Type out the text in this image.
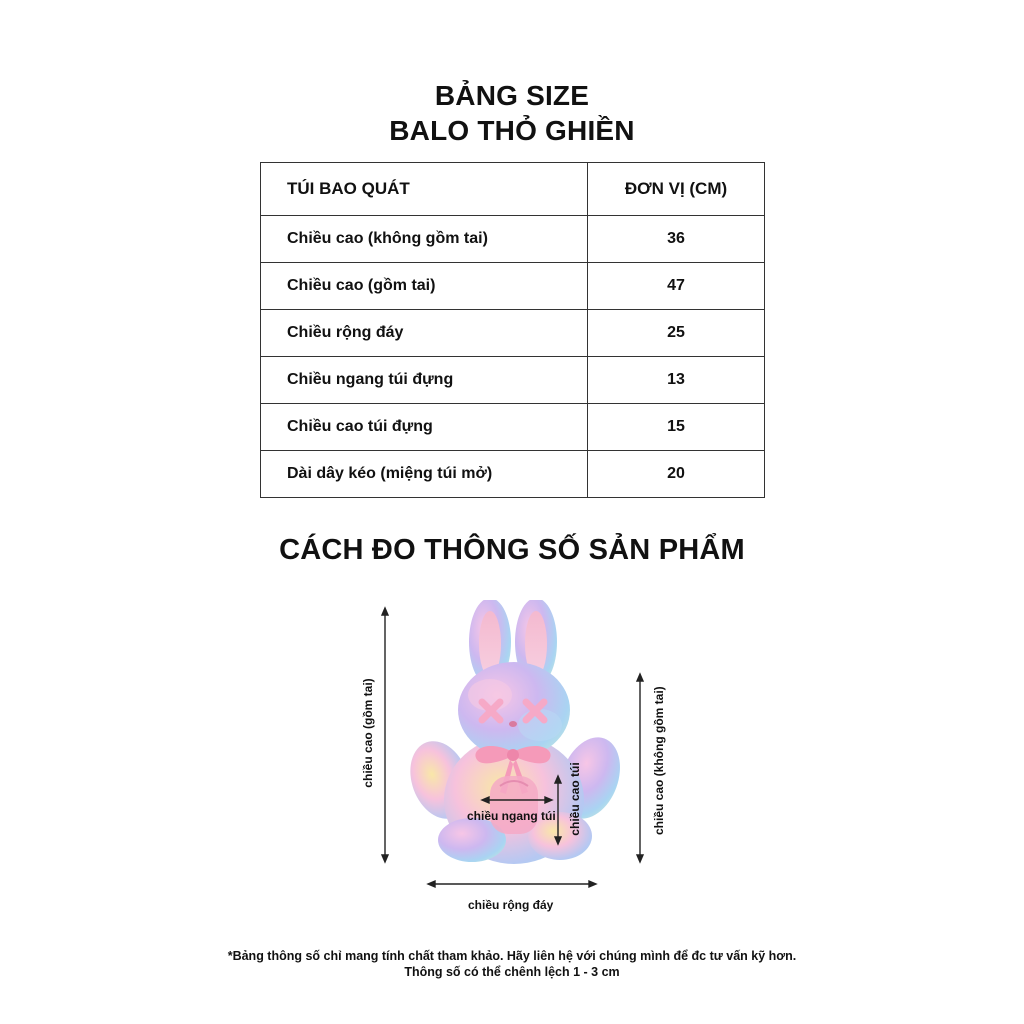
BẢNG SIZE
BALO THỎ GHIỀN
TÚI BAO QUÁT	ĐƠN VỊ (CM)
Chiều cao (không gồm tai)	36
Chiều cao (gồm tai)	47
Chiều rộng đáy	25
Chiều ngang túi đựng	13
Chiều cao túi đựng	15
Dài dây kéo (miệng túi mở)	20
CÁCH ĐO THÔNG SỐ SẢN PHẨM
chiều cao (gồm tai)	chiều cao (không gồm tai)
chiều cao túi
chiều ngang túi
chiều rộng đáy
*Bảng thông số chỉ mang tính chất tham khảo. Hãy liên hệ với chúng mình để đc tư vấn kỹ hơn.
Thông số có thể chênh lệch 1 - 3 cm
